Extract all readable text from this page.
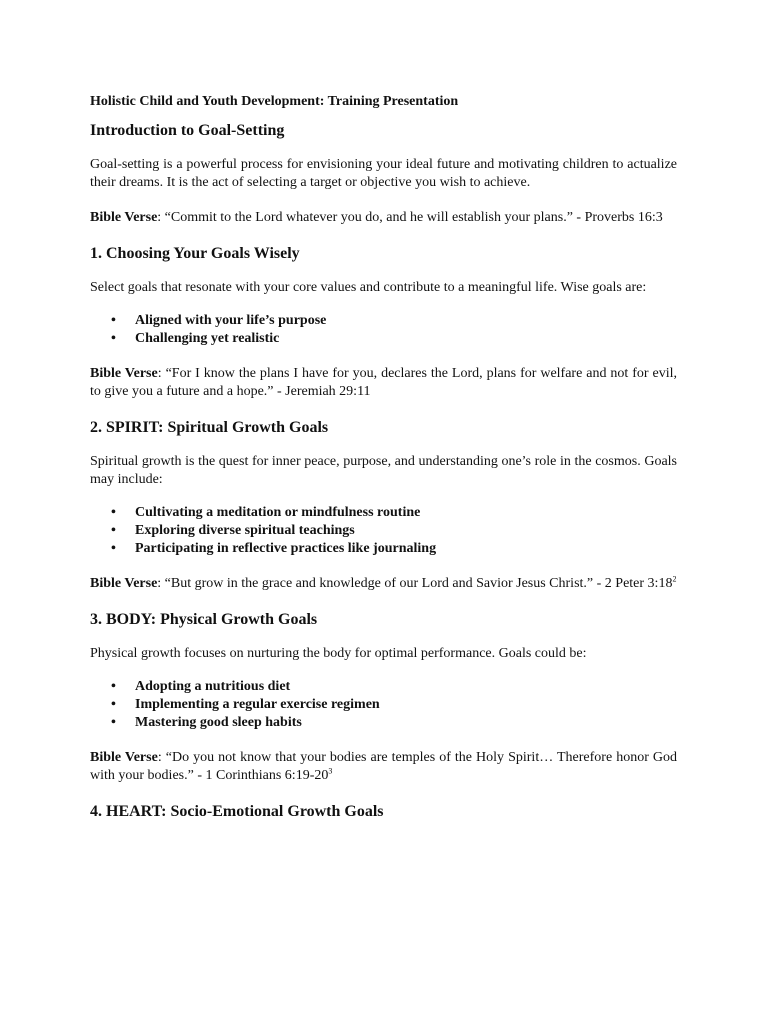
Holistic Child and Youth Development: Training Presentation
Introduction to Goal-Setting

Goal-setting is a powerful process for envisioning your ideal future and motivating children to actualize their dreams. It is the act of selecting a target or objective you wish to achieve.

Bible Verse: “Commit to the Lord whatever you do, and he will establish your plans.” - Proverbs 16:3

1. Choosing Your Goals Wisely

Select goals that resonate with your core values and contribute to a meaningful life. Wise goals are:

• Aligned with your life’s purpose
• Challenging yet realistic

Bible Verse: “For I know the plans I have for you, declares the Lord, plans for welfare and not for evil, to give you a future and a hope.” - Jeremiah 29:11

2. SPIRIT: Spiritual Growth Goals

Spiritual growth is the quest for inner peace, purpose, and understanding one’s role in the cosmos. Goals may include:

• Cultivating a meditation or mindfulness routine
• Exploring diverse spiritual teachings
• Participating in reflective practices like journaling

Bible Verse: “But grow in the grace and knowledge of our Lord and Savior Jesus Christ.” - 2 Peter $3:18^2$

3. BODY: Physical Growth Goals

Physical growth focuses on nurturing the body for optimal performance. Goals could be:

• Adopting a nutritious diet
• Implementing a regular exercise regimen
• Mastering good sleep habits

Bible Verse: “Do you not know that your bodies are temples of the Holy Spirit… Therefore honor God with your bodies.” - 1 Corinthians $6:19-20^3$

4. HEART: Socio-Emotional Growth Goals
